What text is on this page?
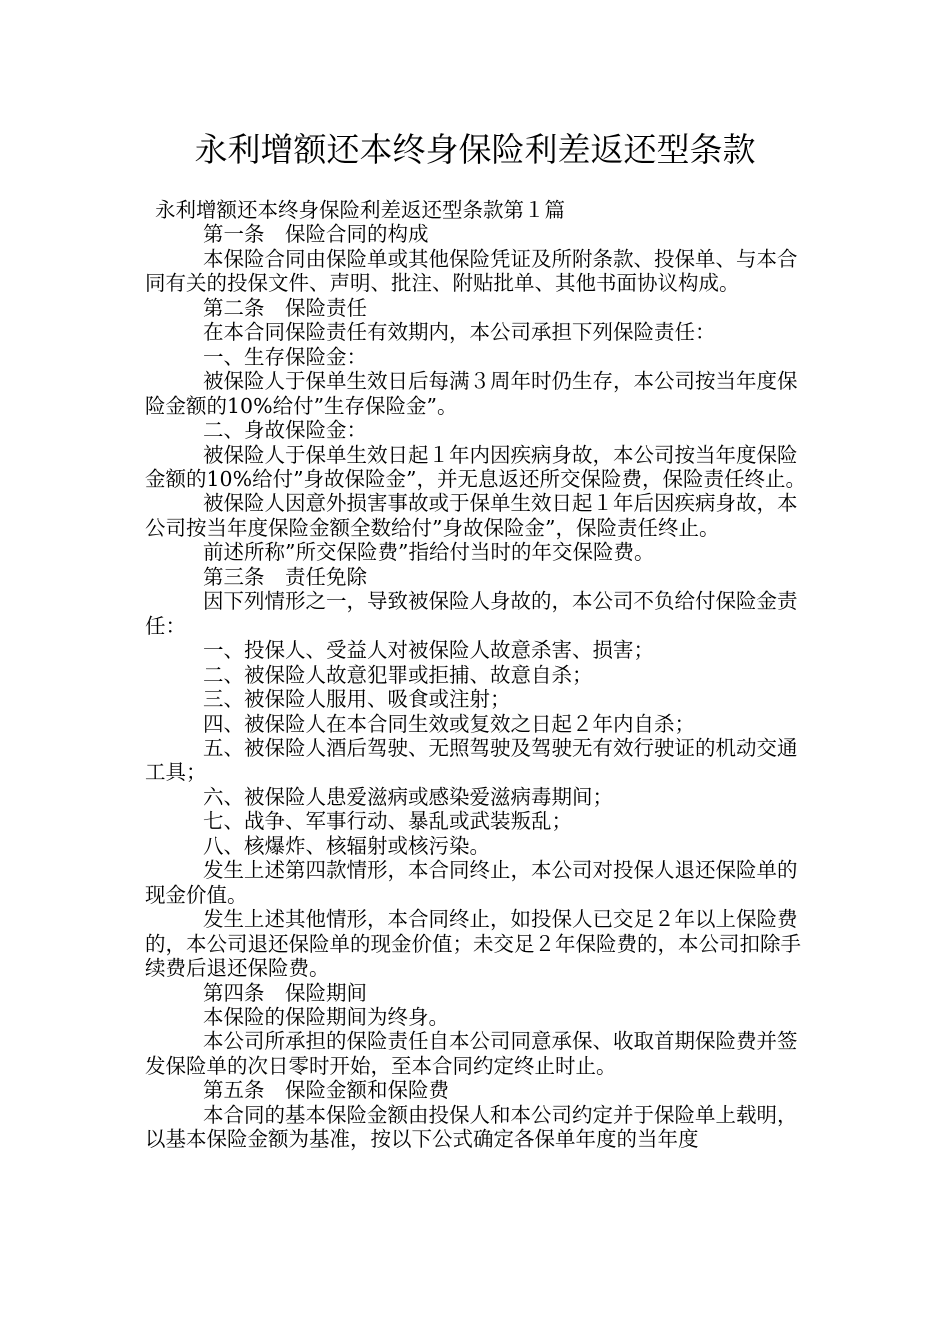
永利增额还本终身保险利差返还型条款

永利增额还本终身保险利差返还型条款第１篇

第一条　保险合同的构成

本保险合同由保险单或其他保险凭证及所附条款、投保单、与本合同有关的投保文件、声明、批注、附贴批单、其他书面协议构成。

第二条　保险责任

在本合同保险责任有效期内，本公司承担下列保险责任：

一、生存保险金：

被保险人于保单生效日后每满３周年时仍生存，本公司按当年度保险金额的10%给付”生存保险金”。

二、身故保险金：

被保险人于保单生效日起１年内因疾病身故，本公司按当年度保险金额的10%给付”身故保险金”，并无息返还所交保险费，保险责任终止。

被保险人因意外损害事故或于保单生效日起１年后因疾病身故，本公司按当年度保险金额全数给付”身故保险金”，保险责任终止。

前述所称”所交保险费”指给付当时的年交保险费。

第三条　责任免除

因下列情形之一，导致被保险人身故的，本公司不负给付保险金责任：

一、投保人、受益人对被保险人故意杀害、损害；

二、被保险人故意犯罪或拒捕、故意自杀；

三、被保险人服用、吸食或注射；

四、被保险人在本合同生效或复效之日起２年内自杀；

五、被保险人酒后驾驶、无照驾驶及驾驶无有效行驶证的机动交通工具；

六、被保险人患爱滋病或感染爱滋病毒期间；

七、战争、军事行动、暴乱或武装叛乱；

八、核爆炸、核辐射或核污染。

发生上述第四款情形，本合同终止，本公司对投保人退还保险单的现金价值。

发生上述其他情形，本合同终止，如投保人已交足２年以上保险费的，本公司退还保险单的现金价值；未交足２年保险费的，本公司扣除手续费后退还保险费。

第四条　保险期间

本保险的保险期间为终身。

本公司所承担的保险责任自本公司同意承保、收取首期保险费并签发保险单的次日零时开始，至本合同约定终止时止。

第五条　保险金额和保险费

本合同的基本保险金额由投保人和本公司约定并于保险单上载明，以基本保险金额为基准，按以下公式确定各保单年度的当年度
